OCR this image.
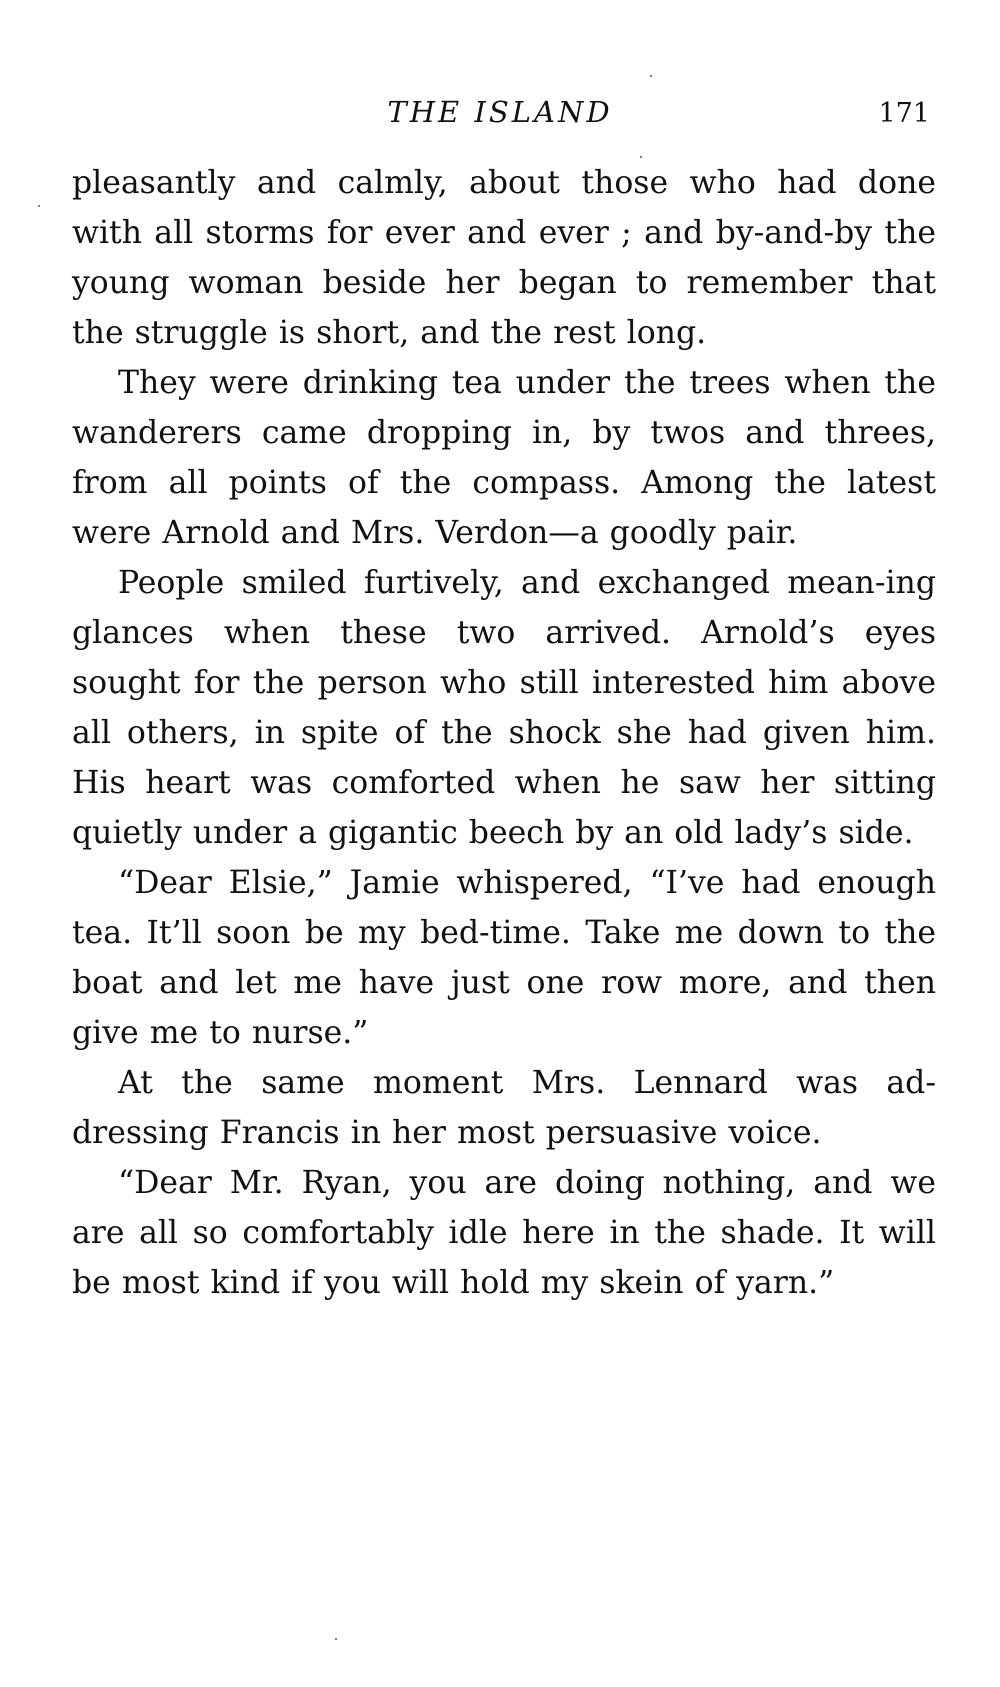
THE ISLAND	171

pleasantly and calmly, about those who had done with all storms for ever and ever ; and by-and-by the young woman beside her began to remember that the struggle is short, and the rest long.

They were drinking tea under the trees when the wanderers came dropping in, by twos and threes, from all points of the compass. Among the latest were Arnold and Mrs. Verdon—a goodly pair.

People smiled furtively, and exchanged mean-ing glances when these two arrived. Arnold’s eyes sought for the person who still interested him above all others, in spite of the shock she had given him. His heart was comforted when he saw her sitting quietly under a gigantic beech by an old lady’s side.

“Dear Elsie,” Jamie whispered, “I’ve had enough tea. It’ll soon be my bed-time. Take me down to the boat and let me have just one row more, and then give me to nurse.”

At the same moment Mrs. Lennard was ad-dressing Francis in her most persuasive voice.

“Dear Mr. Ryan, you are doing nothing, and we are all so comfortably idle here in the shade. It will be most kind if you will hold my skein of yarn.”
